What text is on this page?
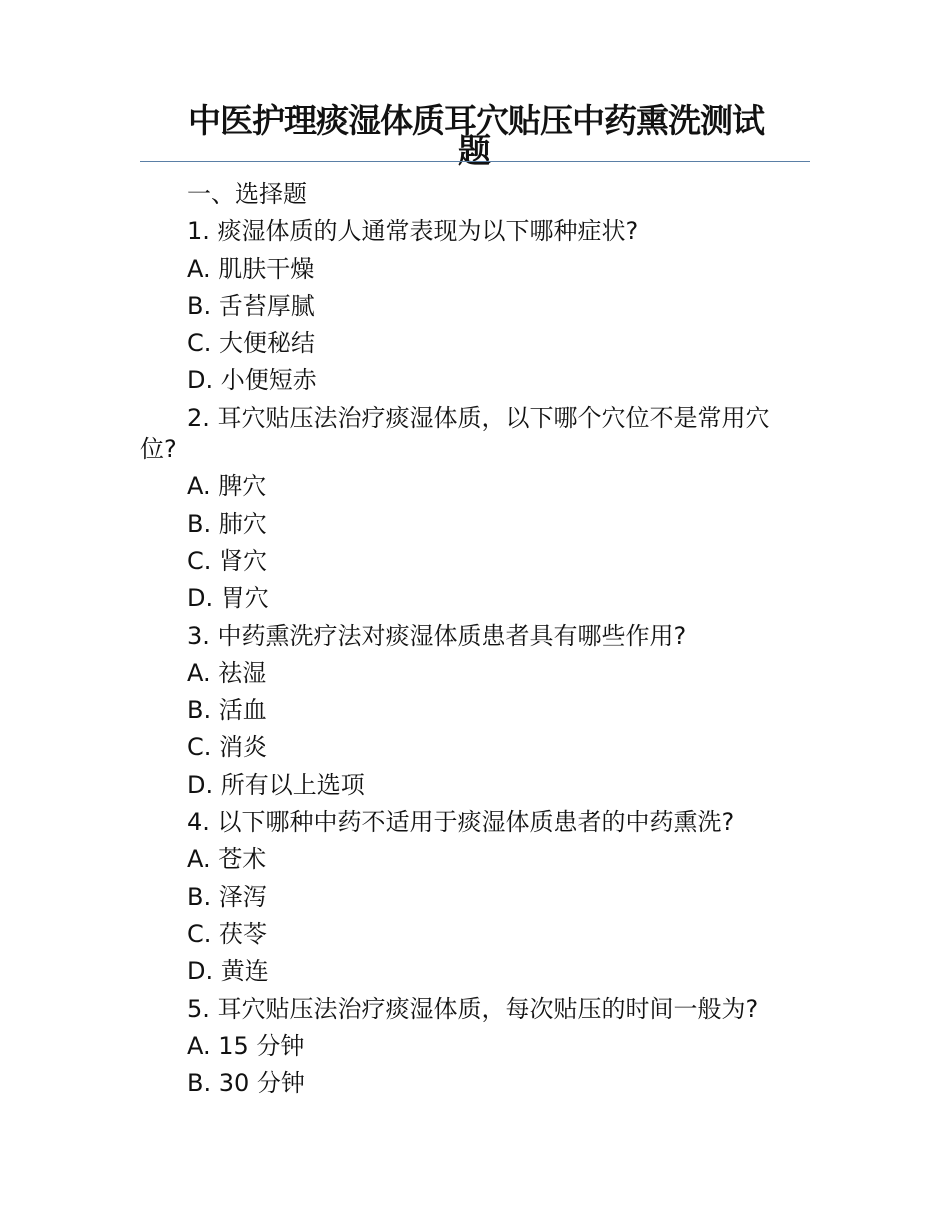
中医护理痰湿体质耳穴贴压中药熏洗测试
题
一、选择题
1. 痰湿体质的人通常表现为以下哪种症状?
A. 肌肤干燥
B. 舌苔厚腻
C. 大便秘结
D. 小便短赤
2. 耳穴贴压法治疗痰湿体质，以下哪个穴位不是常用穴
位?
A. 脾穴
B. 肺穴
C. 肾穴
D. 胃穴
3. 中药熏洗疗法对痰湿体质患者具有哪些作用?
A. 祛湿
B. 活血
C. 消炎
D. 所有以上选项
4. 以下哪种中药不适用于痰湿体质患者的中药熏洗?
A. 苍术
B. 泽泻
C. 茯苓
D. 黄连
5. 耳穴贴压法治疗痰湿体质，每次贴压的时间一般为?
A. 15 分钟
B. 30 分钟
